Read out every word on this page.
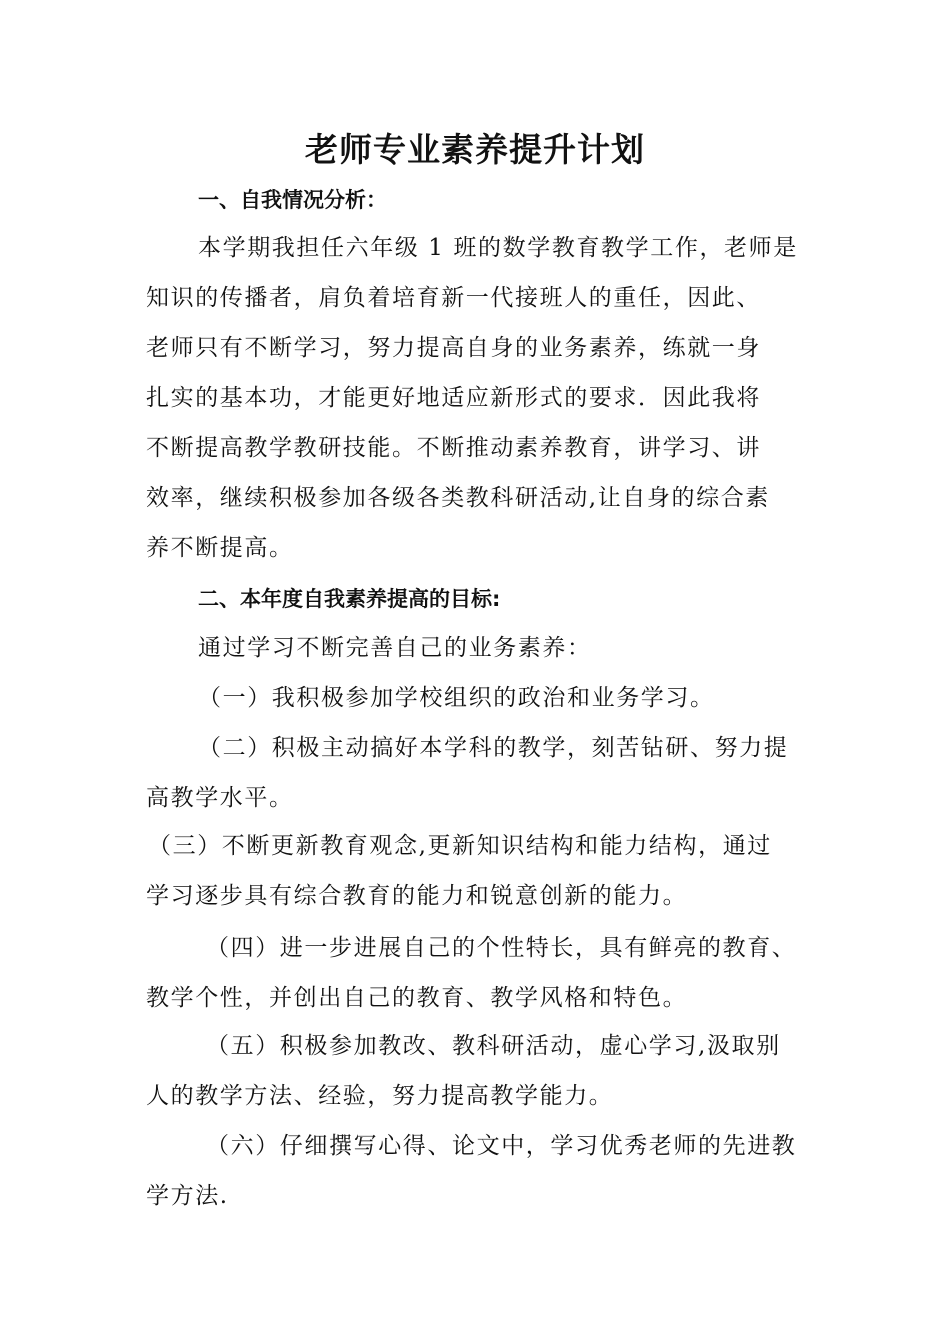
老师专业素养提升计划
一、自我情况分析：
本学期我担任六年级 1 班的数学教育教学工作，老师是
知识的传播者，肩负着培育新一代接班人的重任，因此、
老师只有不断学习，努力提高自身的业务素养，练就一身
扎实的基本功，才能更好地适应新形式的要求．因此我将
不断提高教学教研技能。不断推动素养教育，讲学习、讲
效率，继续积极参加各级各类教科研活动,让自身的综合素
养不断提高。
二、本年度自我素养提高的目标:
通过学习不断完善自己的业务素养：
（一）我积极参加学校组织的政治和业务学习。
（二）积极主动搞好本学科的教学，刻苦钻研、努力提
高教学水平。
（三）不断更新教育观念,更新知识结构和能力结构，通过
学习逐步具有综合教育的能力和锐意创新的能力。
（四）进一步进展自己的个性特长，具有鲜亮的教育、
教学个性，并创出自己的教育、教学风格和特色。
（五）积极参加教改、教科研活动，虚心学习,汲取别
人的教学方法、经验，努力提高教学能力。
（六）仔细撰写心得、论文中，学习优秀老师的先进教
学方法.
